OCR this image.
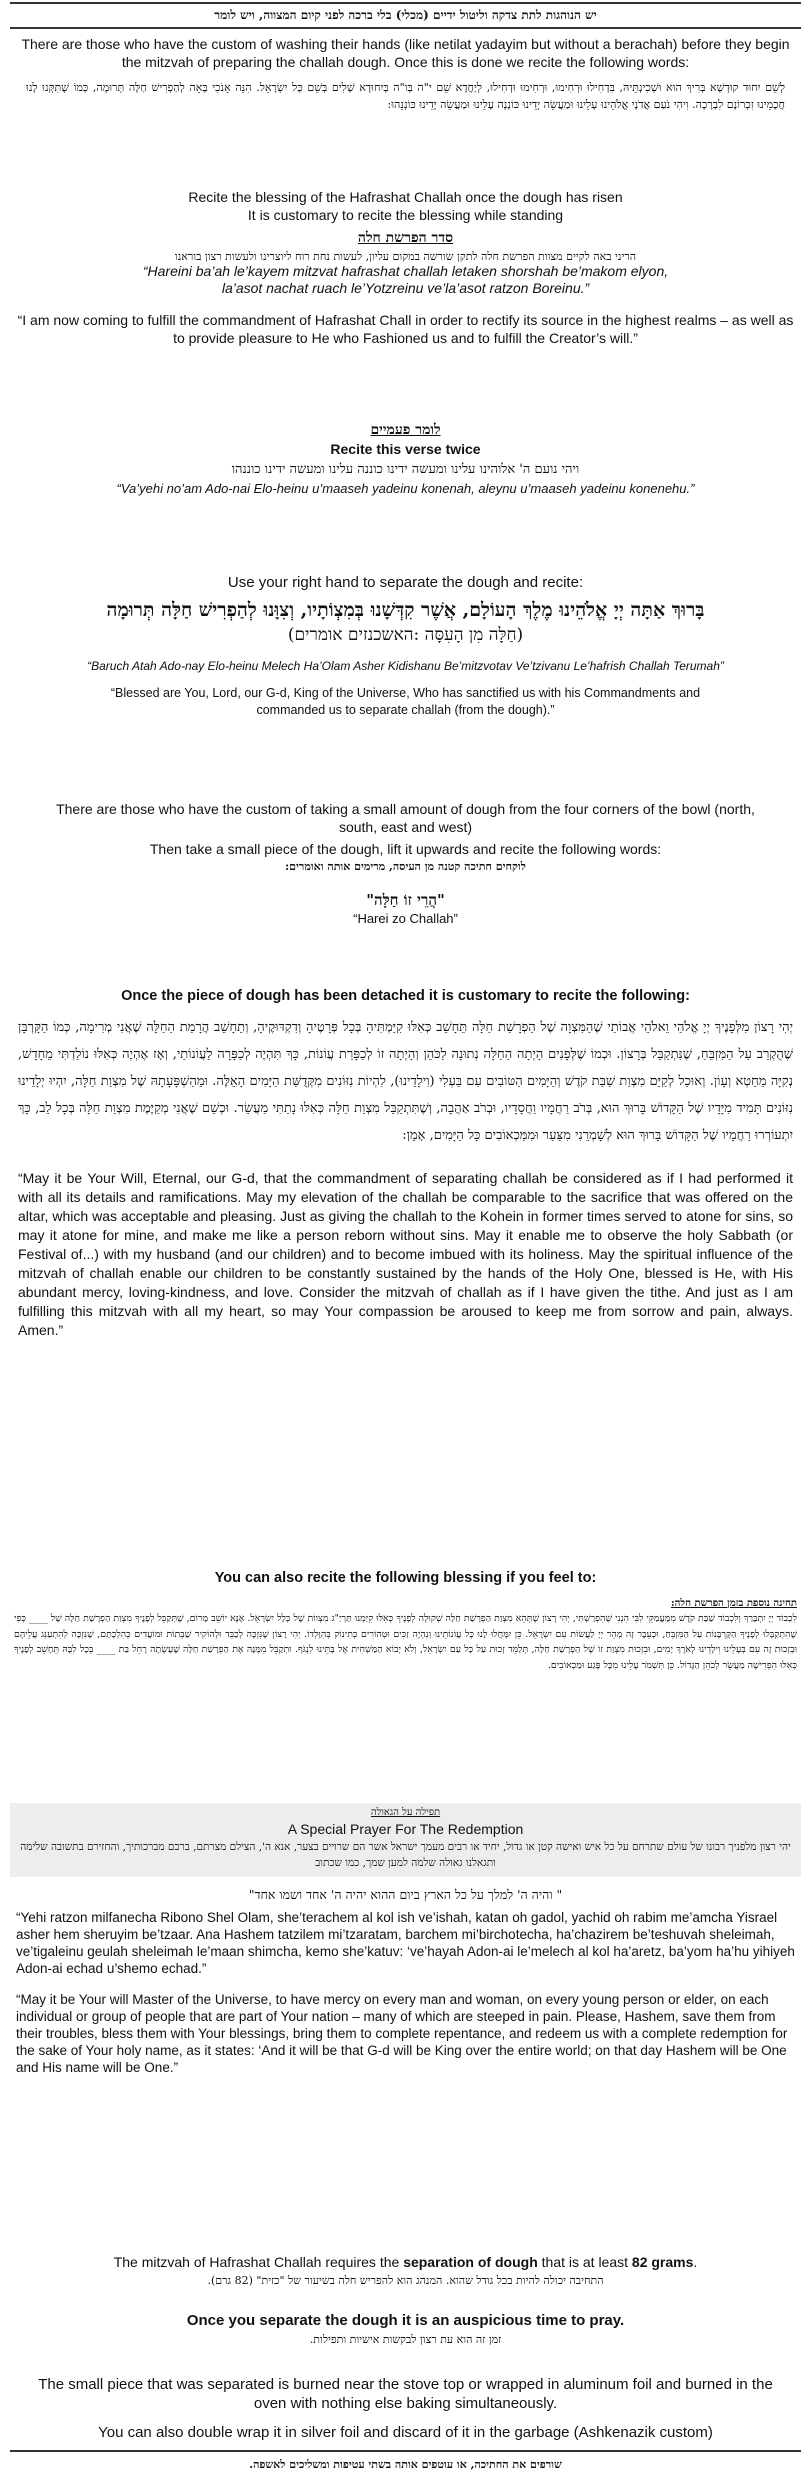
יש הנוהגות לתת צדקה וליטול ידיים (מכלי) בלי ברכה לפני קיום המצווה, ויש לומר

There are those who have the custom of washing their hands (like netilat yadayim but without a berachah) before they begin the mitzvah of preparing the challah dough. Once this is done we recite the following words:

לְשֵׁם יִחוּד קוּדְשָׁא בְּרִיךְ הוּא וּשְׁכִינְתֵּיהּ, בִּדְחִילוּ וּרְחִימוּ, וּרְחִימוּ וּדְחִילוּ, לְיַחֲדָא שֵׁם י"ה בְּו"ה בְּיִחוּדָא שְׁלִים בְּשֵׁם כָּל יִשְׂרָאֵל. הִנֵּה אָנֹכִי בָּאָה לְהַפְרִישׁ חַלָּה תְּרוּמָה, כְּמוֹ שֶׁתִּקְּנוּ לָנוּ חֲכָמֵינוּ זִכְרוֹנָם לִבְרָכָה. וִיהִי נֹעַם אֲדֹנָי אֱלֹהֵינוּ עָלֵינוּ וּמַעֲשֵׂה יָדֵינוּ כּוֹנְנָה עָלֵינוּ וּמַעֲשֵׂה יָדֵינוּ כּוֹנְנֵהוּ:

Recite the blessing of the Hafrashat Challah once the dough has risen

It is customary to recite the blessing while standing

סדר הפרשת חלה

הריני באה לקיים מצוות הפרשת חלה לתקן שורשה במקום עליון, לעשות נחת רוח ליוצרינו ולעשות רצון בוראנו

“Hareini ba’ah le’kayem mitzvat hafrashat challah letaken shorshah be’makom elyon,

la’asot nachat ruach le’Yotzreinu ve’la’asot ratzon Boreinu.”

“I am now coming to fulfill the commandment of Hafrashat Chall in order to rectify its source in the highest realms – as well as to provide pleasure to He who Fashioned us and to fulfill the Creator’s will.”

לומר פעמיים

Recite this verse twice

ויהי נועם ה' אלוהינו עלינו ומעשה ידינו כוננה עלינו ומעשה ידינו כוננהו

“Va’yehi no’am Ado-nai Elo-heinu u’maaseh yadeinu konenah, aleynu u’maaseh yadeinu konenehu.”

Use your right hand to separate the dough and recite:

בָּרוּךְ אַתָּה יְיָ אֱלֹהֵינוּ מֶלֶךְ הָעוֹלָם, אֲשֶׁר קִדְּשָׁנוּ בְּמִצְוֹתָיו, וְצִוָּנוּ לְהַפְרִישׁ חַלָּה תְּרוּמָה

(חַלָּה מִן הָעִסָּה :האשכנזים אומרים)

“Baruch Atah Ado-nay Elo-heinu Melech Ha’Olam Asher Kidishanu Be’mitzvotav Ve’tzivanu Le’hafrish Challah Terumah”

“Blessed are You, Lord, our G-d, King of the Universe, Who has sanctified us with his Commandments and commanded us to separate challah (from the dough).”

There are those who have the custom of taking a small amount of dough from the four corners of the bowl (north, south, east and west)

Then take a small piece of the dough, lift it upwards and recite the following words:

לוקחים חתיכה קטנה מן העיסה, מרימים אותה ואומרים:

"הֲרֵי זוֹ חַלָּה"

“Harei zo Challah”

Once the piece of dough has been detached it is customary to recite the following:

יְהִי רָצוֹן מִלְּפָנֶיךָ יְיָ אֱלֹהַי וֵאלֹהֵי אֲבוֹתַי שֶׁהַמִּצְוָה שֶׁל הַפְרָשַׁת חַלָּה תֵּחָשֵׁב כְּאִלּוּ קִיַּמְתִּיהָ בְּכָל פְּרָטֶיהָ וְדִקְדּוּקֶיהָ, וְתֵחָשֵׁב הֲרָמַת הַחַלָּה שֶׁאֲנִי מְרִימָה, כְּמוֹ הַקָּרְבָּן שֶׁהֻקְרַב עַל הַמִּזְבֵּחַ, שֶׁנִּתְקַבֵּל בְּרָצוֹן. וּכְמוֹ שֶׁלְּפָנִים הָיְתָה הַחַלָּה נְתוּנָה לַכֹּהֵן וְהָיְתָה זוֹ לְכַפָּרַת עֲוֹנוֹת, כָּךְ תִּהְיֶה לְכַפָּרָה לַעֲוֹנוֹתַי, וְאָז אֶהְיֶה כְּאִלּוּ נוֹלַדְתִּי מֵחָדָשׁ, נְקִיָּה מֵחֵטְא וְעָוֹן. וְאוּכַל לְקַיֵּם מִצְוַת שַׁבַּת קֹדֶשׁ וְהַיָּמִים הַטּוֹבִים עִם בַּעְלִי (וִילָדֵינוּ), לִהְיוֹת נִזּוֹנִים מִקְּדֻשַּׁת הַיָּמִים הָאֵלֶּה. וּמֵהַשְׁפָּעָתָהּ שֶׁל מִצְוַת חַלָּה, יִהְיוּ יְלָדֵינוּ נִזּוֹנִים תָּמִיד מִיָּדָיו שֶׁל הַקָּדוֹשׁ בָּרוּךְ הוּא, בְּרֹב רַחֲמָיו וַחֲסָדָיו, וּבְרֹב אַהֲבָה, וְשֶׁתִּתְקַבֵּל מִצְוַת חַלָּה כְּאִלּוּ נָתַתִּי מַעֲשֵׂר. וּכְשֵׁם שֶׁאֲנִי מְקַיֶּמֶת מִצְוַת חַלָּה בְּכָל לֵב, כָּךְ יִתְעוֹרְרוּ רַחֲמָיו שֶׁל הַקָּדוֹשׁ בָּרוּךְ הוּא לְשָׁמְרֵנִי מִצַּעַר וּמִמַּכְאוֹבִים כָּל הַיָּמִים, אָמֵן:

“May it be Your Will, Eternal, our G-d, that the commandment of separating challah be considered as if I had performed it with all its details and ramifications. May my elevation of the challah be comparable to the sacrifice that was offered on the altar, which was acceptable and pleasing. Just as giving the challah to the Kohein in former times served to atone for sins, so may it atone for mine, and make me like a person reborn without sins. May it enable me to observe the holy Sabbath (or Festival of...) with my husband (and our children) and to become imbued with its holiness. May the spiritual influence of the mitzvah of challah enable our children to be constantly sustained by the hands of the Holy One, blessed is He, with His abundant mercy, loving-kindness, and love. Consider the mitzvah of challah as if I have given the tithe. And just as I am fulfilling this mitzvah with all my heart, so may Your compassion be aroused to keep me from sorrow and pain, always. Amen.”

You can also recite the following blessing if you feel to:

תחינה נוספת בזמן הפרשת חלה:

לִכְבוֹד יְיָ יִתְבָּרַךְ וְלִכְבוֹד שַׁבַּת קֹדֶשׁ מִמַּעֲמַקֵּי לִבִּי הִנְנִי שֶׁהִפְרַשְׁתִּי, יְהִי רָצוֹן שֶׁתְּהֵא מִצְוַת הַפְרָשַׁת חַלָּה שְׁקוּלָה לְפָנֶיךָ כְּאִלּוּ קִיַּמְנוּ תַּרְיַ"ג מִצְווֹת שֶׁל כְּלַל יִשְׂרָאֵל. אָנָּא יוֹשֵׁב מָרוֹם, שֶׁתְּקַבֵּל לְפָנֶיךָ מִצְוַת הַפְרָשַׁת חַלָּה שֶׁל ____ כְּפִי שֶׁהִתְקַבְּלוּ לְפָנֶיךָ הַקָּרְבָּנוֹת עַל הַמִּזְבֵּחַ, וּכְעֵבֶר זֶה מְהֵר יְיָ לַעֲשׂוֹת עִם יִשְׂרָאֵל. כֵּן יִמָּחֲלוּ לָנוּ כָּל עֲוֹנוֹתֵינוּ וְנִהְיֶה זַכִּים וּטְהוֹרִים כְּתִינוֹק בְּהִוָּלְדוֹ. יְהִי רָצוֹן שֶׁנִּזְכֶּה לְכַבֵּד וּלְהוֹקִיר שַׁבְּתוֹת וּמוֹעֲדִים כְּהִלְכָתָם, שֶׁנִּזְכֶּה לְהִתְעַנֵּג עֲלֵיהֶם וּבְזְכוּת זֶה עִם בְּעָלֵינוּ וִילָדֵינוּ לְאֹרֶךְ יָמִים, וּבִזְכוּת מִצְוַת זוֹ שֶׁל הַפְרָשַׁת חַלָּה, תְּלַמֵּד זְכוּת עַל כָּל עַם יִשְׂרָאֵל, וְלֹא יָבוֹא הַמַּשְׁחִית אֶל בָּתֵּינוּ לִנְגֹּף. וּתְקַבֵּל מִמֶּנָּה אֶת הַפְרָשַׁת חַלָּה שֶׁעָשְׂתָה רָחֵל בַּת ____ בְּכָל לִבָּהּ תֵּחָשֵׁב לְפָנֶיךָ כְּאִלּוּ הִפְרִישָׁה מַעֲשֵׂר לְכֹהֵן הַגָּדוֹל. כֵּן תִּשְׁמֹר עָלֵינוּ מִכָּל פֶּגַע וּמַכְאוֹבִים.

תפילה על הגאולה

A Special Prayer For The Redemption

יהי רצון מלפניך רבונו של עולם שתרחם על כל איש ואישה קטן או גדול, יחיד או רבים מעמך ישראל אשר הם שרויים בצער, אנא ה', הצילם מצרתם, ברכם מברכותיך, והחזירם בתשובה שלימה ותגאלנו גאולה שלמה למען שמך, כמו שכתוב

" והיה ה' למלך על כל הארץ ביום ההוא יהיה ה' אחד ושמו אחד"

“Yehi ratzon milfanecha Ribono Shel Olam, she’terachem al kol ish ve’ishah, katan oh gadol, yachid oh rabim me’amcha Yisrael asher hem sheruyim be’tzaar. Ana Hashem tatzilem mi’tzaratam, barchem mi’birchotecha, ha’chazirem be’teshuvah sheleimah, ve’tigaleinu geulah sheleimah le’maan shimcha, kemo she’katuv: ‘ve’hayah Adon-ai le’melech al kol ha’aretz, ba’yom ha’hu yihiyeh Adon-ai echad u’shemo echad.”

“May it be Your will Master of the Universe, to have mercy on every man and woman, on every young person or elder, on each individual or group of people that are part of Your nation – many of which are steeped in pain. Please, Hashem, save them from their troubles, bless them with Your blessings, bring them to complete repentance, and redeem us with a complete redemption for the sake of Your holy name, as it states: ‘And it will be that G-d will be King over the entire world; on that day Hashem will be One and His name will be One.”

The mitzvah of Hafrashat Challah requires the separation of dough that is at least 82 grams.

התחיבה יכולה להיות בכל גודל שהוא. המנהג הוא להפריש חלה בשיעור של "כזית" (82 גרם).

Once you separate the dough it is an auspicious time to pray.

זמן זה הוא עת רצון לבקשות אישיות ותפילות.

The small piece that was separated is burned near the stove top or wrapped in aluminum foil and burned in the oven with nothing else baking simultaneously.

You can also double wrap it in silver foil and discard of it in the garbage (Ashkenazik custom)

שורפים את החתיכה, או עוטפים אותה בשתי עטיפות ומשליכים לאשפה.
